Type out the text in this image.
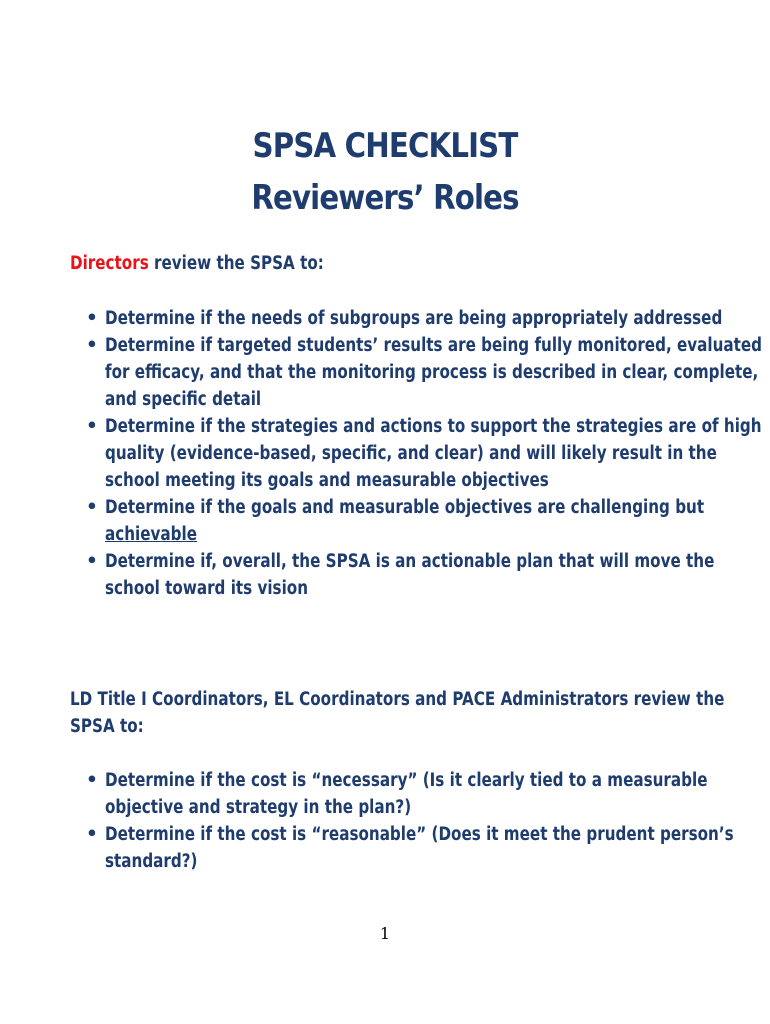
SPSA CHECKLIST
Reviewers’ Roles
Directors review the SPSA to:
• Determine if the needs of subgroups are being appropriately addressed
• Determine if targeted students’ results are being fully monitored, evaluated
for efficacy, and that the monitoring process is described in clear, complete,
and specific detail
• Determine if the strategies and actions to support the strategies are of high
quality (evidence-based, specific, and clear) and will likely result in the
school meeting its goals and measurable objectives
• Determine if the goals and measurable objectives are challenging but
achievable
• Determine if, overall, the SPSA is an actionable plan that will move the
school toward its vision
LD Title I Coordinators, EL Coordinators and PACE Administrators review the
SPSA to:
• Determine if the cost is “necessary” (Is it clearly tied to a measurable
objective and strategy in the plan?)
• Determine if the cost is “reasonable” (Does it meet the prudent person’s
standard?)
1
